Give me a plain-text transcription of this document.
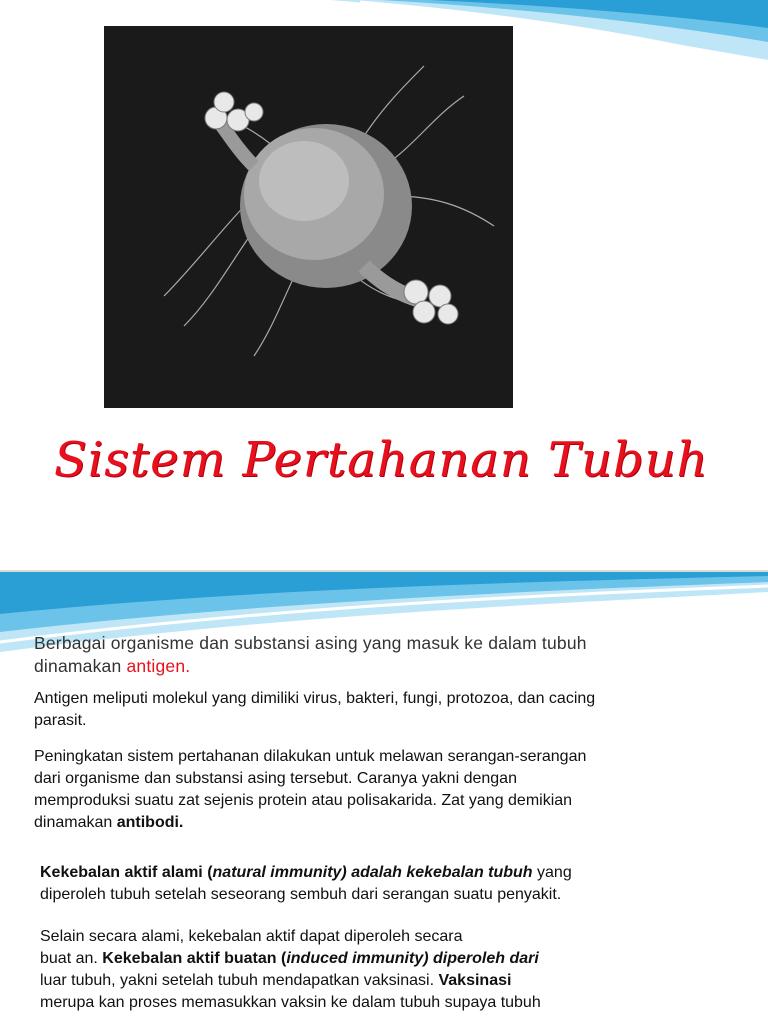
Sistem Pertahanan Tubuh
Berbagai organisme dan substansi asing yang masuk ke dalam tubuh
dinamakan antigen.
Antigen meliputi molekul yang dimiliki virus, bakteri, fungi, protozoa, dan cacing
parasit.
Peningkatan sistem pertahanan dilakukan untuk melawan serangan-serangan
dari organisme dan substansi asing tersebut. Caranya yakni dengan
memproduksi suatu zat sejenis protein atau polisakarida. Zat yang demikian
dinamakan antibodi.
Kekebalan aktif alami (natural immunity) adalah kekebalan tubuh yang
diperoleh tubuh setelah seseorang sembuh dari serangan suatu penyakit.
Selain secara alami, kekebalan aktif dapat diperoleh secara
buat an. Kekebalan aktif buatan (induced immunity) diperoleh dari
luar tubuh, yakni setelah tubuh mendapatkan vaksinasi. Vaksinasi
merupa kan proses memasukkan vaksin ke dalam tubuh supaya tubuh
